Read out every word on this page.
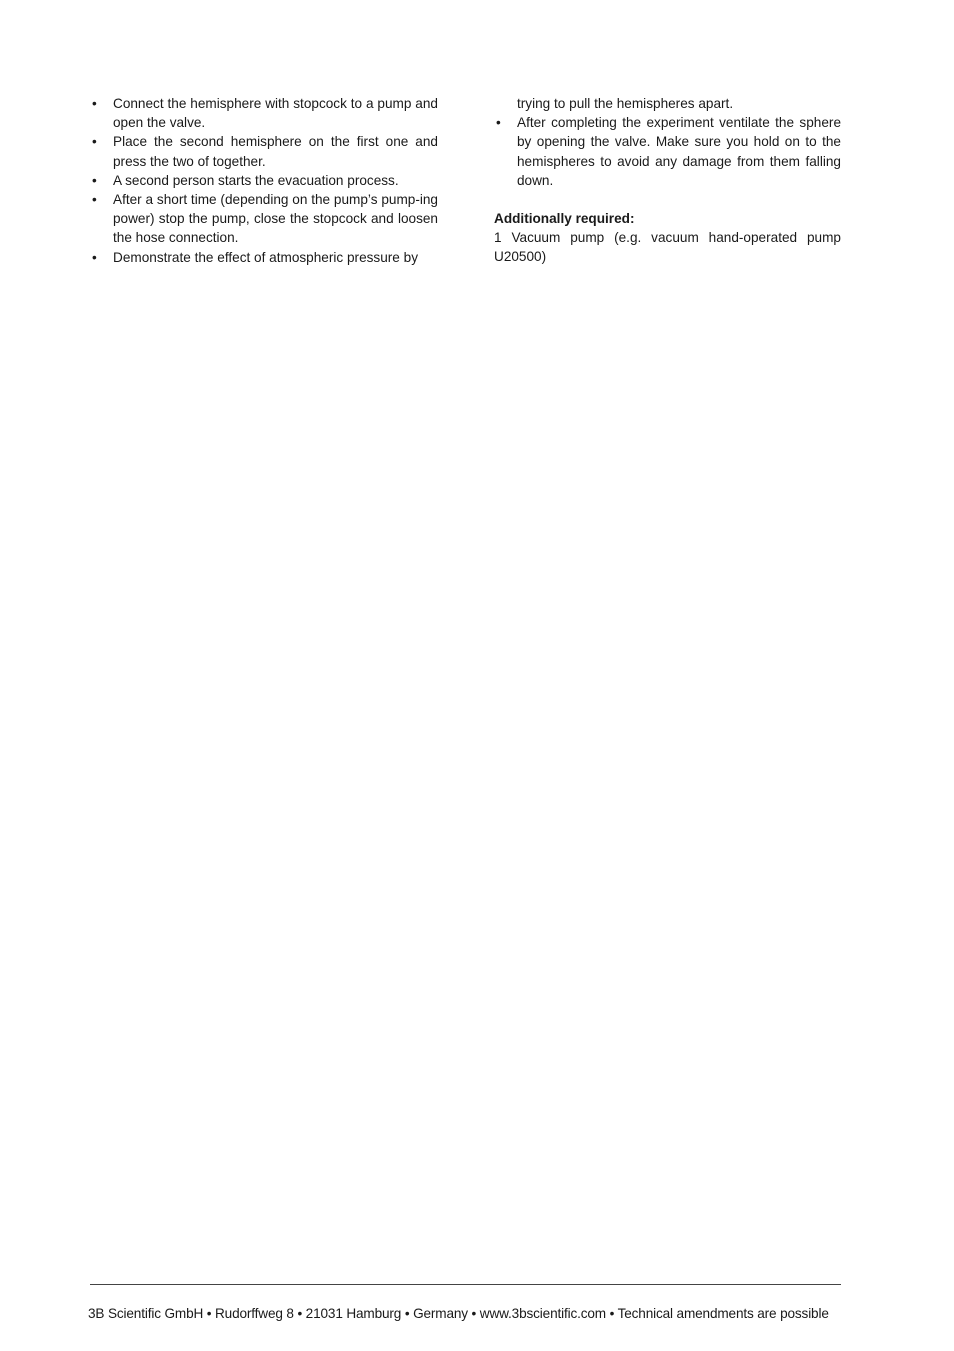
• Connect the hemisphere with stopcock to a pump and open the valve.
• Place the second hemisphere on the first one and press the two of together.
• A second person starts the evacuation process.
• After a short time (depending on the pump’s pump-ing power) stop the pump, close the stopcock and loosen the hose connection.
• Demonstrate the effect of atmospheric pressure by
trying to pull the hemispheres apart.
• After completing the experiment ventilate the sphere by opening the valve. Make sure you hold on to the hemispheres to avoid any damage from them falling down.
Additionally required:
1 Vacuum pump (e.g. vacuum hand-operated pump U20500)
3B Scientific GmbH • Rudorffweg 8 • 21031 Hamburg • Germany • www.3bscientific.com • Technical amendments are possible
